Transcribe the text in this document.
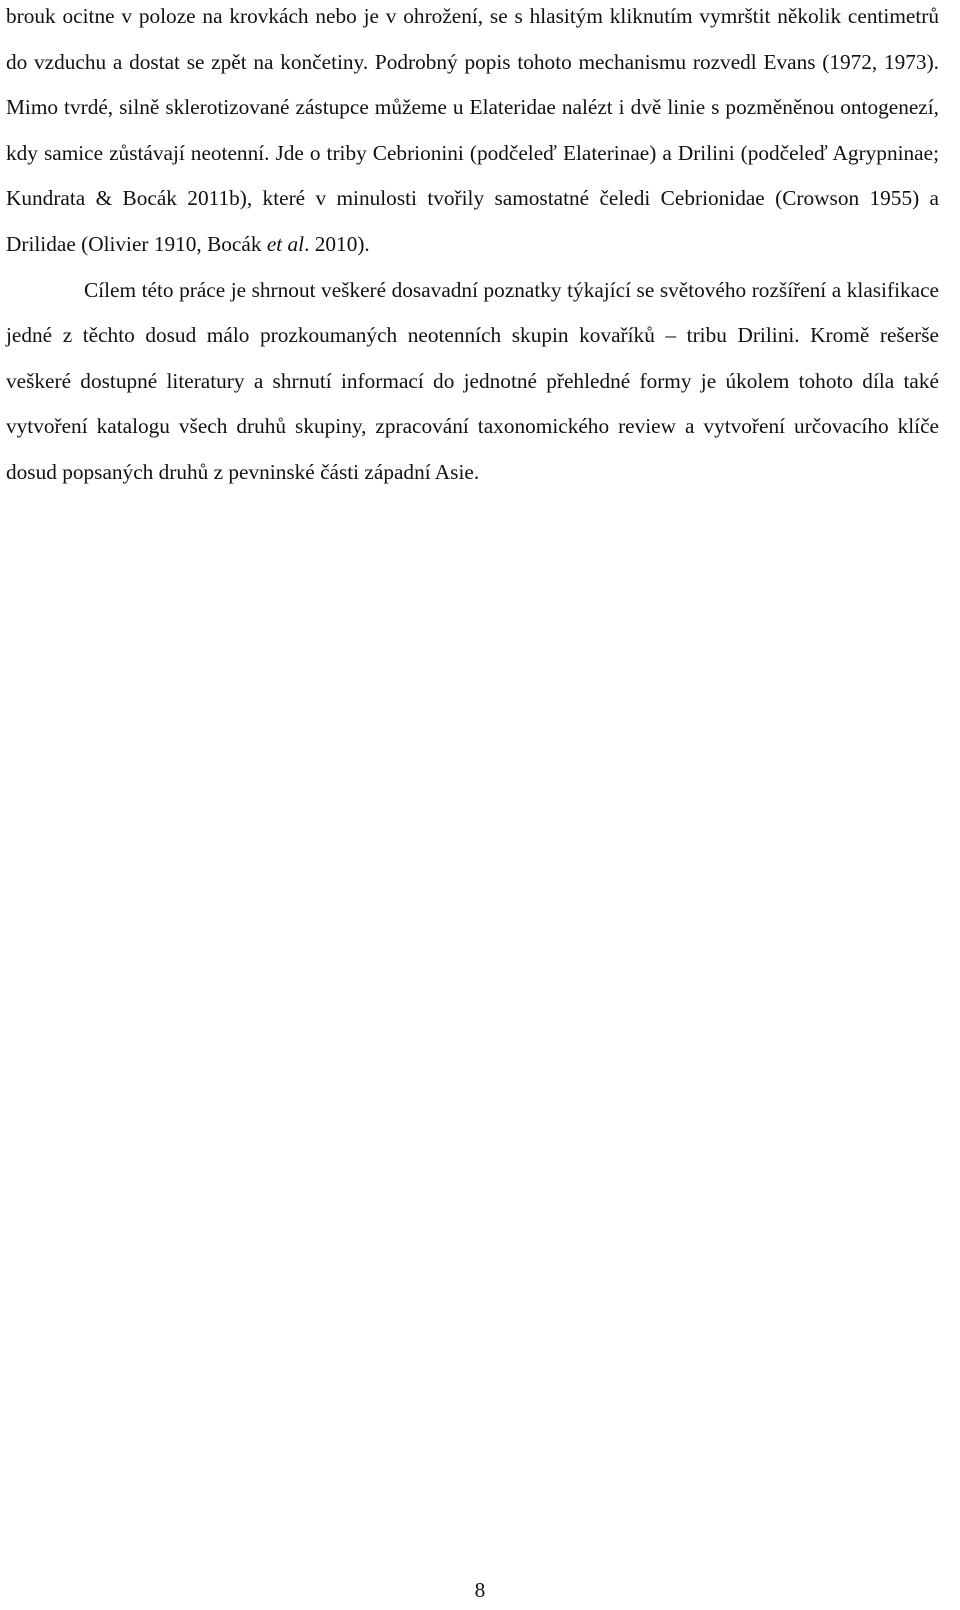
brouk ocitne v poloze na krovkách nebo je v ohrožení, se s hlasitým kliknutím vymrštit několik centimetrů do vzduchu a dostat se zpět na končetiny. Podrobný popis tohoto mechanismu rozvedl Evans (1972, 1973). Mimo tvrdé, silně sklerotizované zástupce můžeme u Elateridae nalézt i dvě linie s pozměněnou ontogenezí, kdy samice zůstávají neotenní. Jde o triby Cebrionini (podčeleď Elaterinae) a Drilini (podčeleď Agrypninae; Kundrata & Bocák 2011b), které v minulosti tvořily samostatné čeledi Cebrionidae (Crowson 1955) a Drilidae (Olivier 1910, Bocák et al. 2010).

Cílem této práce je shrnout veškeré dosavadní poznatky týkající se světového rozšíření a klasifikace jedné z těchto dosud málo prozkoumaných neotenních skupin kovaříků – tribu Drilini. Kromě rešerše veškeré dostupné literatury a shrnutí informací do jednotné přehledné formy je úkolem tohoto díla také vytvoření katalogu všech druhů skupiny, zpracování taxonomického review a vytvoření určovacího klíče dosud popsaných druhů z pevninské části západní Asie.

8
